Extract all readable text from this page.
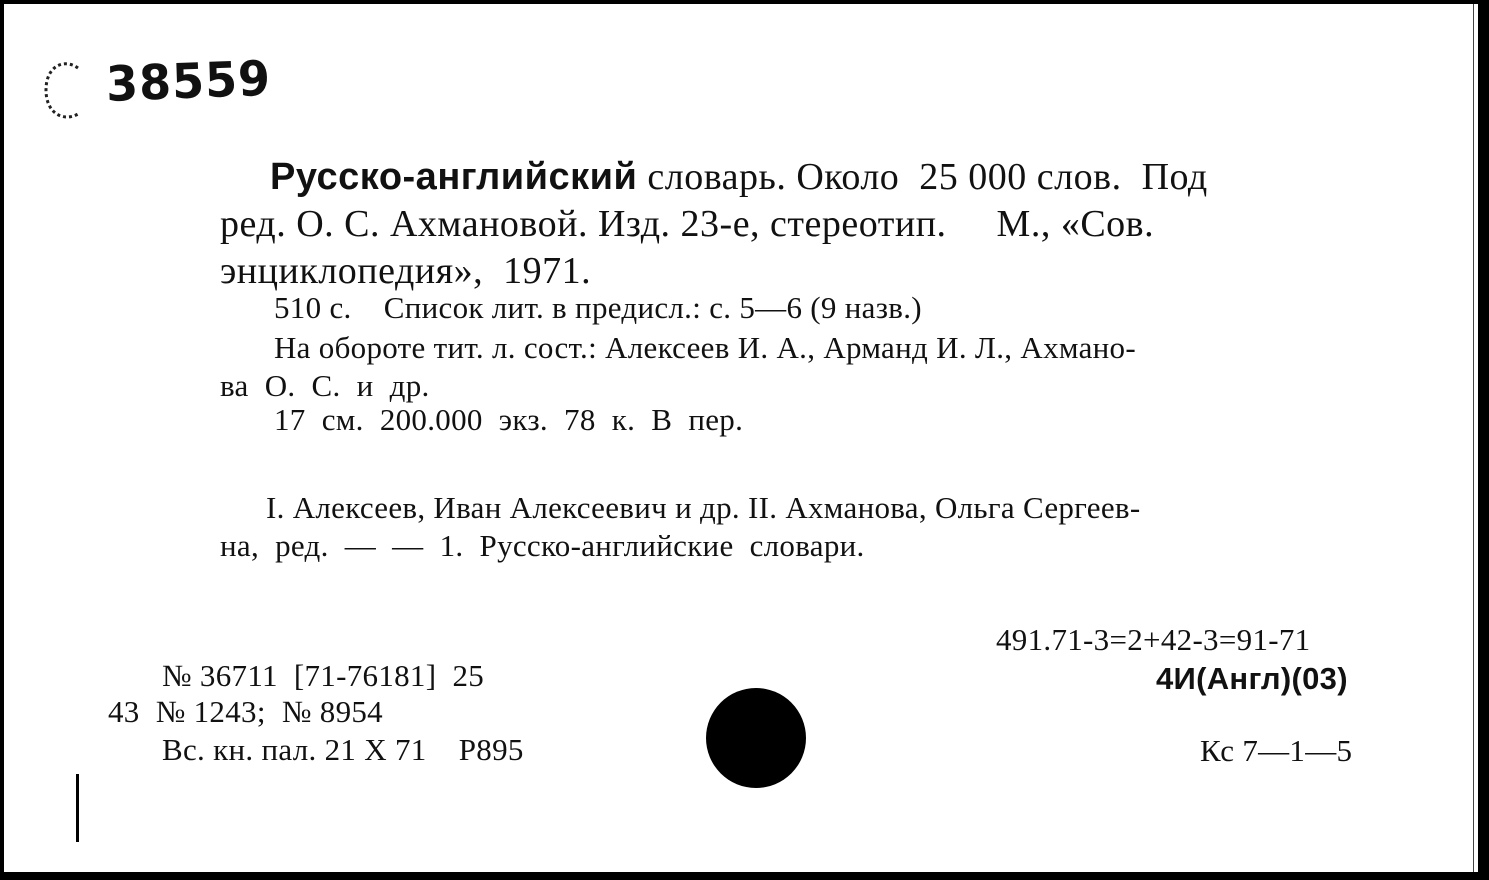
38559
Русско-английский словарь. Около  25 000 слов.  Под
ред. О. С. Ахмановой. Изд. 23-е, стереотип.     М., «Сов.
энциклопедия»,  1971.
510 с.    Список лит. в предисл.: с. 5—6 (9 назв.)
На обороте тит. л. сост.: Алексеев И. А., Арманд И. Л., Ахмано-
ва  О.  С.  и  др.
17  см.  200.000  экз.  78  к.  В  пер.
I. Алексеев, Иван Алексеевич и др. II. Ахманова, Ольга Сергеев-
на,  ред.  —  —  1.  Русско-английские  словари.
491.71-3=2+42-3=91-71
4И(Англ)(03)
№ 36711  [71-76181]  25
43  № 1243;  № 8954
Вс. кн. пал. 21 X 71    Р895	Кс 7—1—5
